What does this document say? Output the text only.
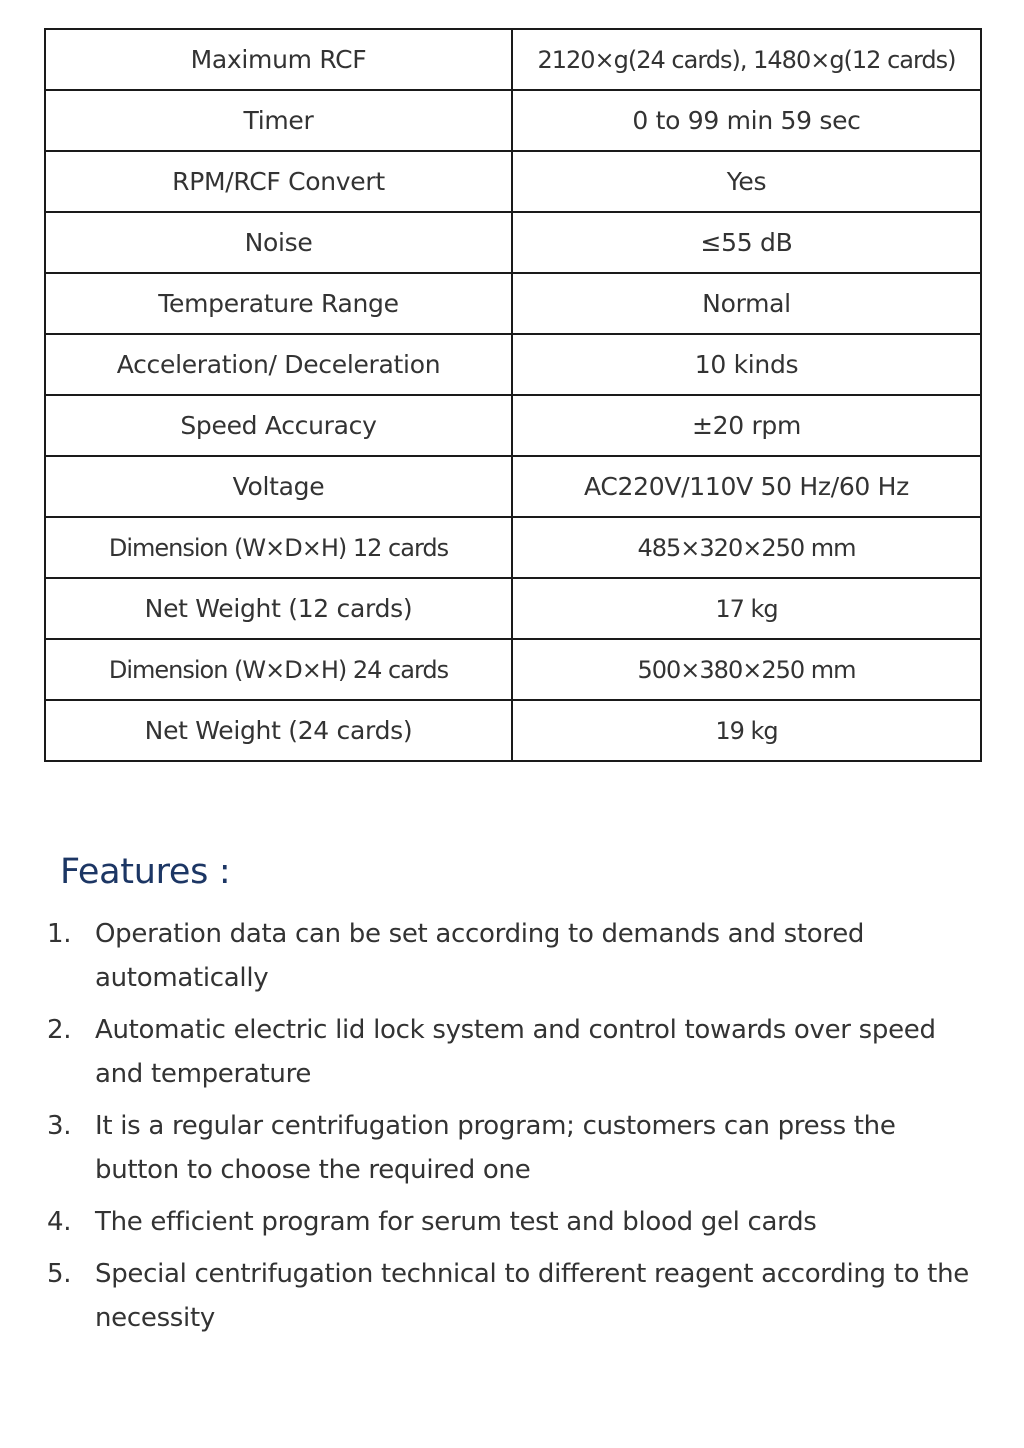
Maximum RCF	2120×g(24 cards), 1480×g(12 cards)
Timer	0 to 99 min 59 sec
RPM/RCF Convert	Yes
Noise	≤55 dB
Temperature Range	Normal
Acceleration/ Deceleration	10 kinds
Speed Accuracy	±20 rpm
Voltage	AC220V/110V 50 Hz/60 Hz
Dimension (W×D×H) 12 cards	485×320×250 mm
Net Weight (12 cards)	17 kg
Dimension (W×D×H) 24 cards	500×380×250 mm
Net Weight (24 cards)	19 kg
Features :
1. Operation data can be set according to demands and stored automatically
2. Automatic electric lid lock system and control towards over speed and temperature
3. It is a regular centrifugation program; customers can press the button to choose the required one
4. The efficient program for serum test and blood gel cards
5. Special centrifugation technical to different reagent according to the necessity
